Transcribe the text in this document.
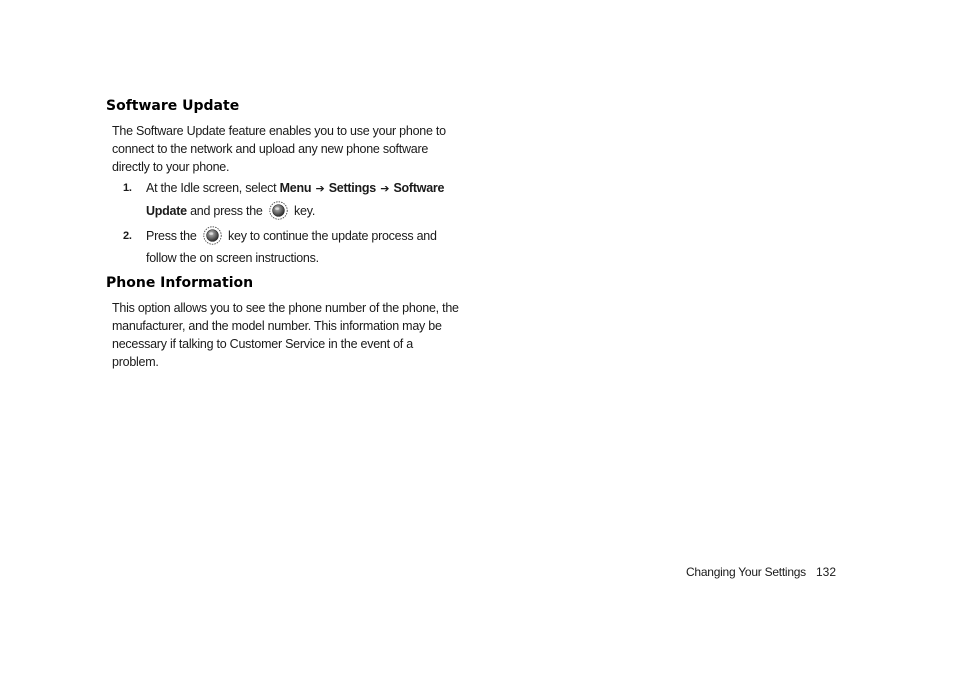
Software Update
The Software Update feature enables you to use your phone to
connect to the network and upload any new phone software
directly to your phone.
1. At the Idle screen, select Menu ➔ Settings ➔ Software
Update and press the
key.
2. Press the
key to continue the update process and
follow the on screen instructions.
Phone Information
This option allows you to see the phone number of the phone, the
manufacturer, and the model number. This information may be
necessary if talking to Customer Service in the event of a
problem.
Changing Your Settings 132
